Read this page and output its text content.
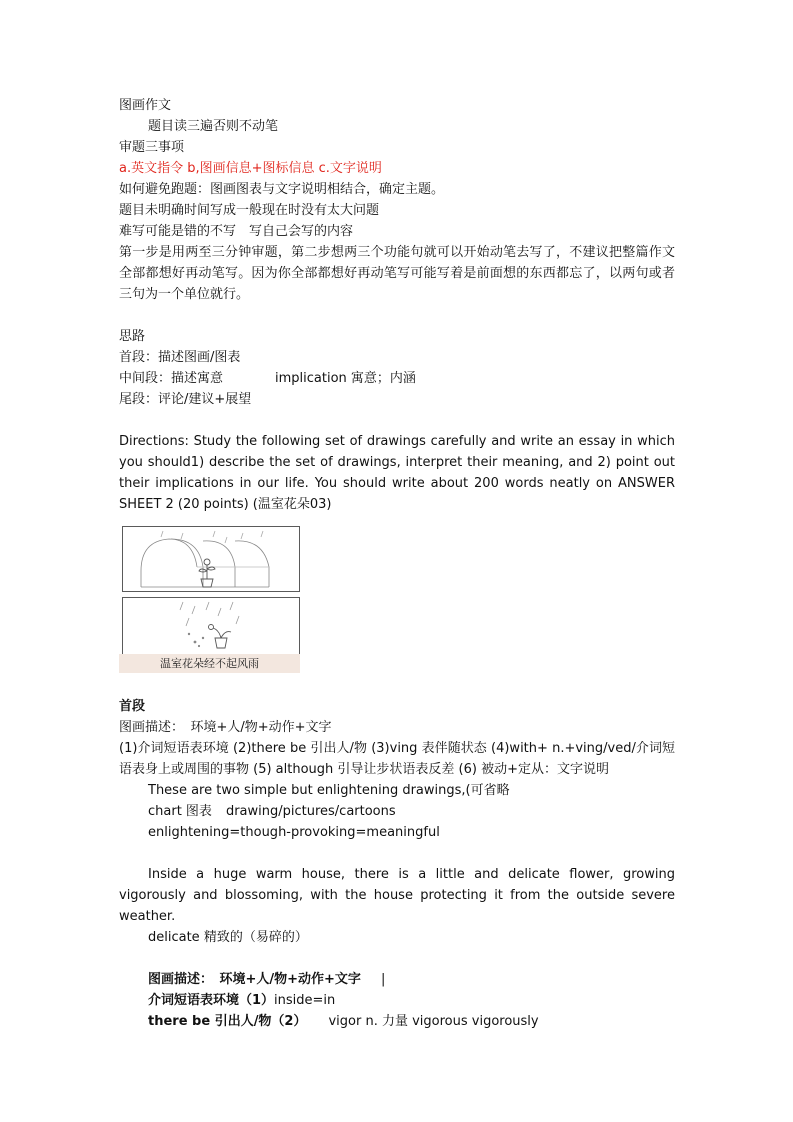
图画作文
题目读三遍否则不动笔
审题三事项
a.英文指令 b,图画信息+图标信息 c.文字说明
如何避免跑题：图画图表与文字说明相结合，确定主题。
题目未明确时间写成一般现在时没有太大问题
难写可能是错的不写　写自己会写的内容
第一步是用两至三分钟审题，第二步想两三个功能句就可以开始动笔去写了，不建议把整篇作文全部都想好再动笔写。因为你全部都想好再动笔写可能写着是前面想的东西都忘了，以两句或者三句为一个单位就行。
思路
首段：描述图画/图表
中间段：描述寓意	implication 寓意；内涵
尾段：评论/建议+展望
Directions: Study the following set of drawings carefully and write an essay in which you should1) describe the set of drawings, interpret their meaning, and 2) point out their implications in our life. You should write about 200 words neatly on ANSWER SHEET 2 (20 points) (温室花朵03)
温室花朵经不起风雨
首段
图画描述：　环境+人/物+动作+文字
(1)介词短语表环境 (2)there be 引出人/物 (3)ving 表伴随状态 (4)with+ n.+ving/ved/介词短语表身上或周围的事物 (5) although 引导让步状语表反差 (6) 被动+定从：文字说明
These are two simple but enlightening drawings,(可省略
chart 图表 drawing/pictures/cartoons
enlightening=though-provoking=meaningful
Inside a huge warm house, there is a little and delicate flower, growing vigorously and blossoming, with the house protecting it from the outside severe weather.
delicate 精致的（易碎的）
图画描述：　环境+人/物+动作+文字 |
介词短语表环境（1）inside=in
there be 引出人/物（2） vigor n. 力量 vigorous vigorously
